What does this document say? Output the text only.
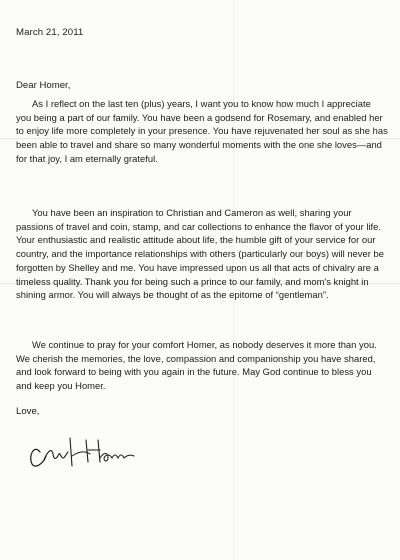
March 21, 2011
Dear Homer,

As I reflect on the last ten (plus) years, I want you to know how much I appreciate you being a part of our family. You have been a godsend for Rosemary, and enabled her to enjoy life more completely in your presence. You have rejuvenated her soul as she has been able to travel and share so many wonderful moments with the one she loves—and for that joy, I am eternally grateful.

You have been an inspiration to Christian and Cameron as well, sharing your passions of travel and coin, stamp, and car collections to enhance the flavor of your life. Your enthusiastic and realistic attitude about life, the humble gift of your service for our country, and the importance relationships with others (particularly our boys) will never be forgotten by Shelley and me. You have impressed upon us all that acts of chivalry are a timeless quality. Thank you for being such a prince to our family, and mom's knight in shining armor. You will always be thought of as the epitome of “gentleman”.

We continue to pray for your comfort Homer, as nobody deserves it more than you. We cherish the memories, the love, compassion and companionship you have shared, and look forward to being with you again in the future. May God continue to bless you and keep you Homer.

Love,
